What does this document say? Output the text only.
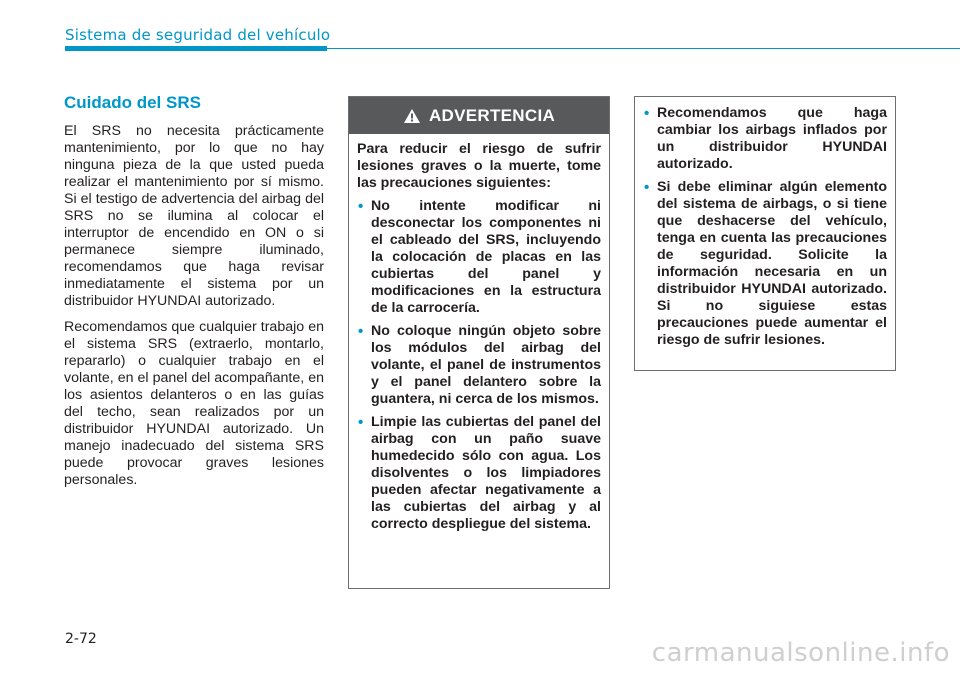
Sistema de seguridad del vehículo
Cuidado del SRS

El SRS no necesita prácticamente mantenimiento, por lo que no hay ninguna pieza de la que usted pueda realizar el mantenimiento por sí mismo. Si el testigo de advertencia del airbag del SRS no se ilumina al colocar el interruptor de encendido en ON o si permanece siempre iluminado, recomendamos que haga revisar inmediatamente el sistema por un distribuidor HYUNDAI autorizado.

Recomendamos que cualquier trabajo en el sistema SRS (extraerlo, montarlo, repararlo) o cualquier trabajo en el volante, en el panel del acompañante, en los asientos delanteros o en las guías del techo, sean realizados por un distribuidor HYUNDAI autorizado. Un manejo inadecuado del sistema SRS puede provocar graves lesiones personales.

ADVERTENCIA

Para reducir el riesgo de sufrir lesiones graves o la muerte, tome las precauciones siguientes:

• No intente modificar ni desconectar los componentes ni el cableado del SRS, incluyendo la colocación de placas en las cubiertas del panel y modificaciones en la estructura de la carrocería.
• No coloque ningún objeto sobre los módulos del airbag del volante, el panel de instrumentos y el panel delantero sobre la guantera, ni cerca de los mismos.
• Limpie las cubiertas del panel del airbag con un paño suave humedecido sólo con agua. Los disolventes o los limpiadores pueden afectar negativamente a las cubiertas del airbag y al correcto despliegue del sistema.
• Recomendamos que haga cambiar los airbags inflados por un distribuidor HYUNDAI autorizado.
• Si debe eliminar algún elemento del sistema de airbags, o si tiene que deshacerse del vehículo, tenga en cuenta las precauciones de seguridad. Solicite la información necesaria en un distribuidor HYUNDAI autorizado. Si no siguiese estas precauciones puede aumentar el riesgo de sufrir lesiones.
2-72	carmanualsonline.info
